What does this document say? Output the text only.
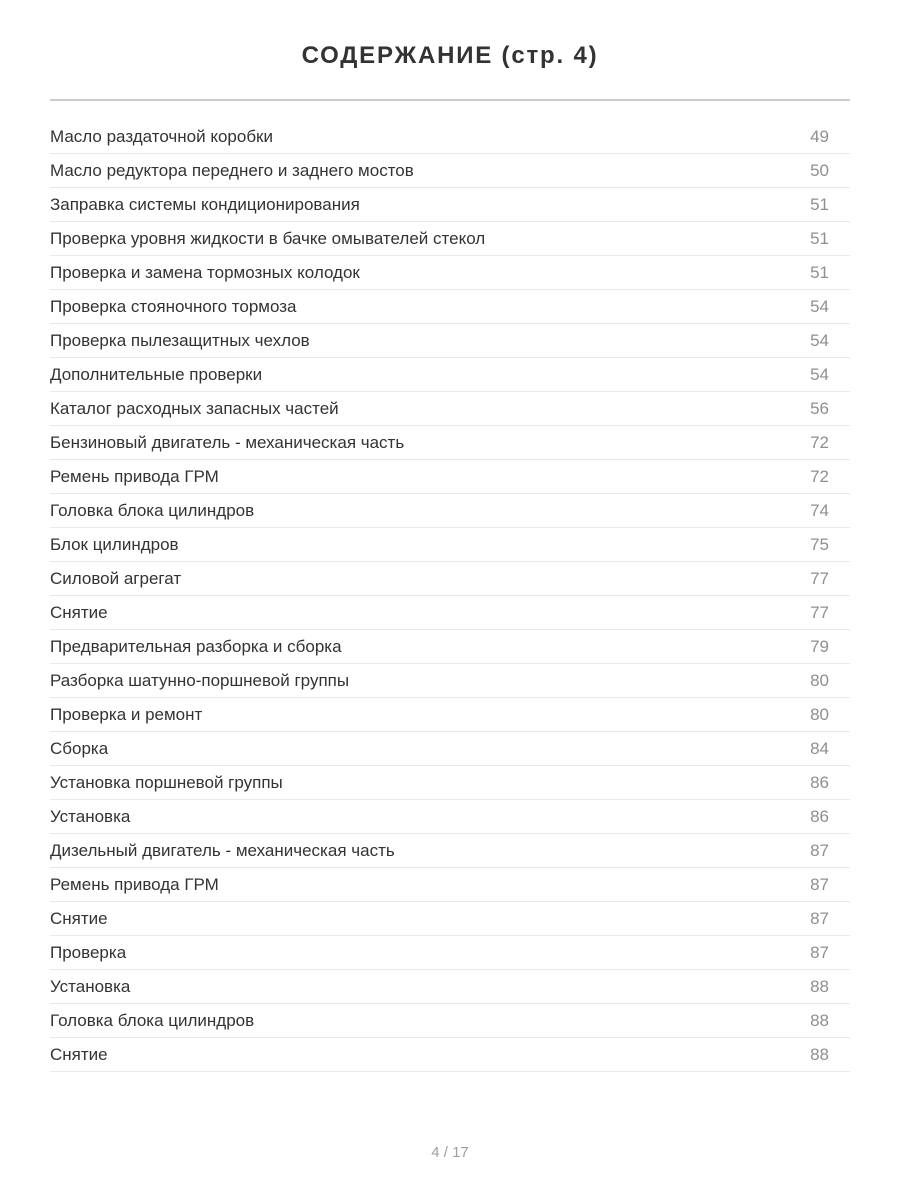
СОДЕРЖАНИЕ (стр. 4)
Масло раздаточной коробки	49
Масло редуктора переднего и заднего мостов	50
Заправка системы кондиционирования	51
Проверка уровня жидкости в бачке омывателей стекол	51
Проверка и замена тормозных колодок	51
Проверка стояночного тормоза	54
Проверка пылезащитных чехлов	54
Дополнительные проверки	54
Каталог расходных запасных частей	56
Бензиновый двигатель - механическая часть	72
Ремень привода ГРМ	72
Головка блока цилиндров	74
Блок цилиндров	75
Силовой агрегат	77
Снятие	77
Предварительная разборка и сборка	79
Разборка шатунно-поршневой группы	80
Проверка и ремонт	80
Сборка	84
Установка поршневой группы	86
Установка	86
Дизельный двигатель - механическая часть	87
Ремень привода ГРМ	87
Снятие	87
Проверка	87
Установка	88
Головка блока цилиндров	88
Снятие	88
4 / 17
